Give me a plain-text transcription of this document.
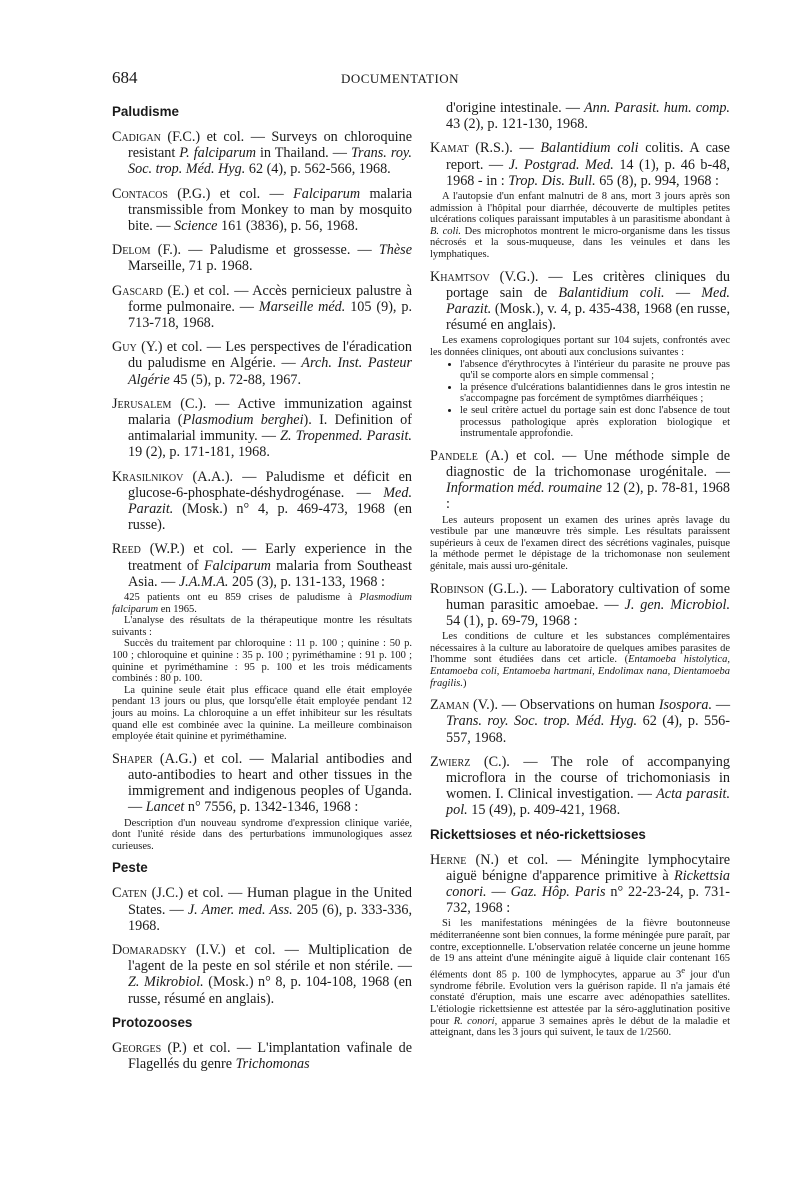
684	DOCUMENTATION
Paludisme

Cadigan (F.C.) et col. — Surveys on chloroquine resistant P. falciparum in Thailand. — Trans. roy. Soc. trop. Méd. Hyg. 62 (4), p. 562-566, 1968.

Contacos (P.G.) et col. — Falciparum malaria transmissible from Monkey to man by mosquito bite. — Science 161 (3836), p. 56, 1968.

Delom (F.). — Paludisme et grossesse. — Thèse Marseille, 71 p. 1968.

Gascard (E.) et col. — Accès pernicieux palustre à forme pulmonaire. — Marseille méd. 105 (9), p. 713-718, 1968.

Guy (Y.) et col. — Les perspectives de l'éradication du paludisme en Algérie. — Arch. Inst. Pasteur Algérie 45 (5), p. 72-88, 1967.

Jerusalem (C.). — Active immunization against malaria (Plasmodium berghei). I. Definition of antimalarial immunity. — Z. Tropenmed. Parasit. 19 (2), p. 171-181, 1968.

Krasilnikov (A.A.). — Paludisme et déficit en glucose-6-phosphate-déshydrogénase. — Med. Parazit. (Mosk.) n° 4, p. 469-473, 1968 (en russe).

Reed (W.P.) et col. — Early experience in the treatment of Falciparum malaria from Southeast Asia. — J.A.M.A. 205 (3), p. 131-133, 1968 :

425 patients ont eu 859 crises de paludisme à Plasmodium falciparum en 1965.
L'analyse des résultats de la thérapeutique montre les résultats suivants :
Succès du traitement par chloroquine : 11 p. 100 ; quinine : 50 p. 100 ; chloroquine et quinine : 35 p. 100 ; pyriméthamine : 91 p. 100 ; quinine et pyriméthamine : 95 p. 100 et les trois médicaments combinés : 80 p. 100.
La quinine seule était plus efficace quand elle était employée pendant 13 jours ou plus, que lorsqu'elle était employée pendant 12 jours au moins. La chloroquine a un effet inhibiteur sur les résultats quand elle est combinée avec la quinine. La meilleure combinaison employée était quinine et pyriméthamine.

Shaper (A.G.) et col. — Malarial antibodies and auto-antibodies to heart and other tissues in the immigrement and indigenous peoples of Uganda. — Lancet n° 7556, p. 1342-1346, 1968 :

Description d'un nouveau syndrome d'expression clinique variée, dont l'unité réside dans des perturbations immunologiques assez curieuses.
Peste

Caten (J.C.) et col. — Human plague in the United States. — J. Amer. med. Ass. 205 (6), p. 333-336, 1968.

Domaradsky (I.V.) et col. — Multiplication de l'agent de la peste en sol stérile et non stérile. — Z. Mikrobiol. (Mosk.) n° 8, p. 104-108, 1968 (en russe, résumé en anglais).

Protozooses

Georges (P.) et col. — L'implantation vafinale de Flagellés du genre Trichomonas

d'origine intestinale. — Ann. Parasit. hum. comp. 43 (2), p. 121-130, 1968.

Kamat (R.S.). — Balantidium coli colitis. A case report. — J. Postgrad. Med. 14 (1), p. 46 b-48, 1968 - in : Trop. Dis. Bull. 65 (8), p. 994, 1968 :

A l'autopsie d'un enfant malnutri de 8 ans, mort 3 jours après son admission à l'hôpital pour diarrhée, découverte de multiples petites ulcérations coliques paraissant imputables à un parasitisme abondant à B. coli. Des microphotos montrent le micro-organisme dans les tissus nécrosés et la sous-muqueuse, dans les veinules et dans les lymphatiques.

Khamtsov (V.G.). — Les critères cliniques du portage sain de Balantidium coli. — Med. Parazit. (Mosk.), v. 4, p. 435-438, 1968 (en russe, résumé en anglais).

Les examens coprologiques portant sur 104 sujets, confrontés avec les données cliniques, ont abouti aux conclusions suivantes :
• l'absence d'érythrocytes à l'intérieur du parasite ne prouve pas qu'il se comporte alors en simple commensal ;
• la présence d'ulcérations balantidiennes dans le gros intestin ne s'accompagne pas forcément de symptômes diarrhéiques ;
• le seul critère actuel du portage sain est donc l'absence de tout processus pathologique après exploration biologique et instrumentale approfondie.

Pandele (A.) et col. — Une méthode simple de diagnostic de la trichomonase urogénitale. — Information méd. roumaine 12 (2), p. 78-81, 1968 :

Les auteurs proposent un examen des urines après lavage du vestibule par une manœuvre très simple. Les résultats paraissent supérieurs à ceux de l'examen direct des sécrétions vaginales, puisque la méthode permet le dépistage de la trichomonase non seulement génitale, mais aussi uro-génitale.

Robinson (G.L.). — Laboratory cultivation of some human parasitic amoebae. — J. gen. Microbiol. 54 (1), p. 69-79, 1968 :

Les conditions de culture et les substances complémentaires nécessaires à la culture au laboratoire de quelques amibes parasites de l'homme sont étudiées dans cet article. (Entamoeba histolytica, Entamoeba coli, Entamoeba hartmani, Endolimax nana, Dientamoeba fragilis.)

Zaman (V.). — Observations on human Isospora. — Trans. roy. Soc. trop. Méd. Hyg. 62 (4), p. 556-557, 1968.

Zwierz (C.). — The role of accompanying microflora in the course of trichomoniasis in women. I. Clinical investigation. — Acta parasit. pol. 15 (49), p. 409-421, 1968.

Rickettsioses et néo-rickettsioses

Herne (N.) et col. — Méningite lymphocytaire aiguë bénigne d'apparence primitive à Rickettsia conori. — Gaz. Hôp. Paris n° 22-23-24, p. 731-732, 1968 :

Si les manifestations méningées de la fièvre boutonneuse méditerranéenne sont bien connues, la forme méningée pure paraît, par contre, exceptionnelle. L'observation relatée concerne un jeune homme de 19 ans atteint d'une méningite aiguë à liquide clair contenant 165 éléments dont 85 p. 100 de lymphocytes, apparue au 3e jour d'un syndrome fébrile. Evolution vers la guérison rapide. Il n'a jamais été constaté d'éruption, mais une escarre avec adénopathies satellites. L'étiologie rickettsienne est attestée par la séro-agglutination positive pour R. conori, apparue 3 semaines après le début de la maladie et atteignant, dans les 3 jours qui suivent, le taux de 1/2560.
